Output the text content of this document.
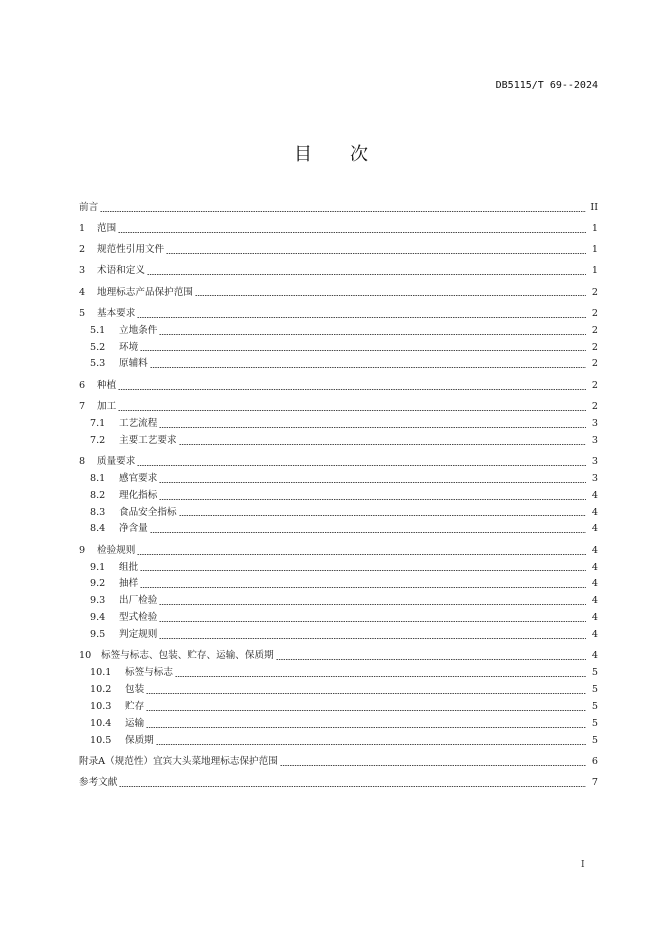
DB5115/T 69--2024
目次
前言	II
1	范围	1
2	规范性引用文件	1
3	术语和定义	1
4	地理标志产品保护范围	2
5	基本要求	2
5.1	立地条件	2
5.2	环境	2
5.3	原辅料	2
6	种植	2
7	加工	2
7.1	工艺流程	3
7.2	主要工艺要求	3
8	质量要求	3
8.1	感官要求	3
8.2	理化指标	4
8.3	食品安全指标	4
8.4	净含量	4
9	检验规则	4
9.1	组批	4
9.2	抽样	4
9.3	出厂检验	4
9.4	型式检验	4
9.5	判定规则	4
10	标签与标志、包装、贮存、运输、保质期	4
10.1	标签与标志	5
10.2	包装	5
10.3	贮存	5
10.4	运输	5
10.5	保质期	5
附录A（规范性）宜宾大头菜地理标志保护范围	6
参考文献	7
I
